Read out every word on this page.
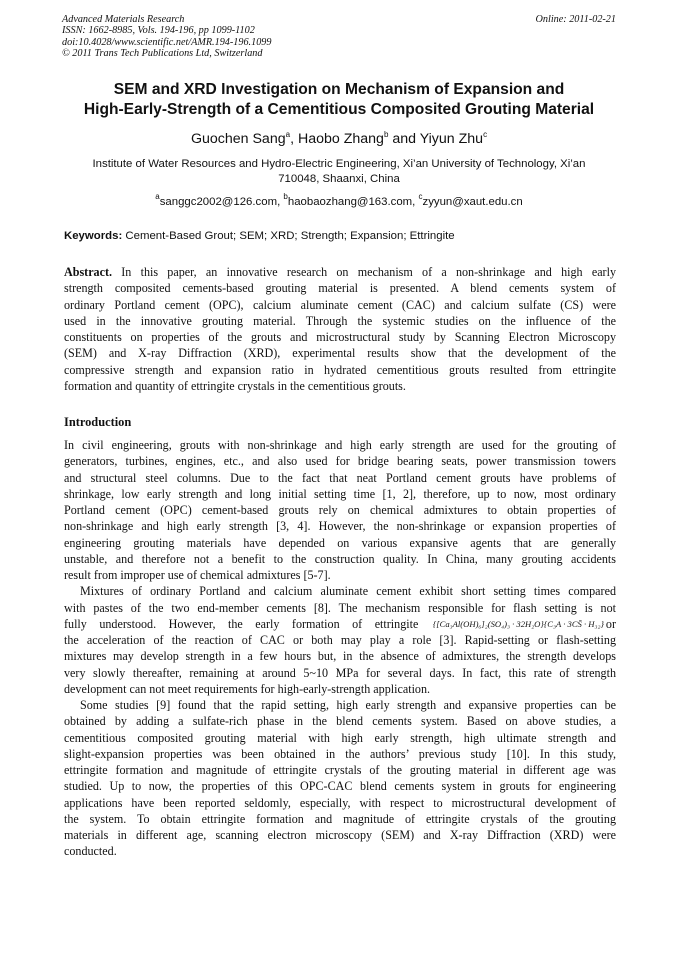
Advanced Materials Research
ISSN: 1662-8985, Vols. 194-196, pp 1099-1102
doi:10.4028/www.scientific.net/AMR.194-196.1099
© 2011 Trans Tech Publications Ltd, Switzerland
Online: 2011-02-21
SEM and XRD Investigation on Mechanism of Expansion and
High-Early-Strength of a Cementitious Composited Grouting Material
Guochen Sang$^a$, Haobo Zhang$^b$ and Yiyun Zhu$^c$
Institute of Water Resources and Hydro-Electric Engineering, Xi’an University of Technology, Xi’an
710048, Shaanxi, China
$^a$sanggc2002@126.com, $^b$haobaozhang@163.com, $^c$zyyun@xaut.edu.cn
Keywords: Cement-Based Grout; SEM; XRD; Strength; Expansion; Ettringite
Abstract. In this paper, an innovative research on mechanism of a non-shrinkage and high early
strength composited cements-based grouting material is presented. A blend cements system of
ordinary Portland cement (OPC), calcium aluminate cement (CAC) and calcium sulfate (CS) were
used in the innovative grouting material. Through the systemic studies on the influence of the
constituents on properties of the grouts and microstructural study by Scanning Electron Microscopy
(SEM) and X-ray Diffraction (XRD), experimental results show that the development of the
compressive strength and expansion ratio in hydrated cementitious grouts resulted from ettringite
formation and quantity of ettringite crystals in the cementitious grouts.
Introduction
In civil engineering, grouts with non-shrinkage and high early strength are used for the grouting of
generators, turbines, engines, etc., and also used for bridge bearing seats, power transmission towers
and structural steel columns. Due to the fact that neat Portland cement grouts have problems of
shrinkage, low early strength and long initial setting time [1, 2], therefore, up to now, most ordinary
Portland cement (OPC) cement-based grouts rely on chemical admixtures to obtain properties of
non-shrinkage and high early strength [3, 4]. However, the non-shrinkage or expansion properties of
engineering grouting materials have depended on various expansive agents that are generally
unstable, and therefore not a benefit to the construction quality. In China, many grouting accidents
result from improper use of chemical admixtures [5-7].
Mixtures of ordinary Portland and calcium aluminate cement exhibit short setting times compared
with pastes of the two end-member cements [8]. The mechanism responsible for flash setting is not
fully understood. However, the early formation of ettringite {[Ca₃Al(OH)₆]₂(SO₄)₃ · 32H₂O}{C₃A · 3CS̄ · H₃₂} or
the acceleration of the reaction of CAC or both may play a role [3]. Rapid-setting or flash-setting
mixtures may develop strength in a few hours but, in the absence of admixtures, the strength develops
very slowly thereafter, remaining at around 5~10 MPa for several days. In fact, this rate of strength
development can not meet requirements for high-early-strength application.
Some studies [9] found that the rapid setting, high early strength and expansive properties can be
obtained by adding a sulfate-rich phase in the blend cements system. Based on above studies, a
cementitious composited grouting material with high early strength, high ultimate strength and
slight-expansion properties was been obtained in the authors’ previous study [10]. In this study,
ettringite formation and magnitude of ettringite crystals of the grouting material in different age was
studied. Up to now, the properties of this OPC-CAC blend cements system in grouts for engineering
applications have been reported seldomly, especially, with respect to microstructural development of
the system. To obtain ettringite formation and magnitude of ettringite crystals of the grouting
materials in different age, scanning electron microscopy (SEM) and X-ray Diffraction (XRD) were
conducted.
